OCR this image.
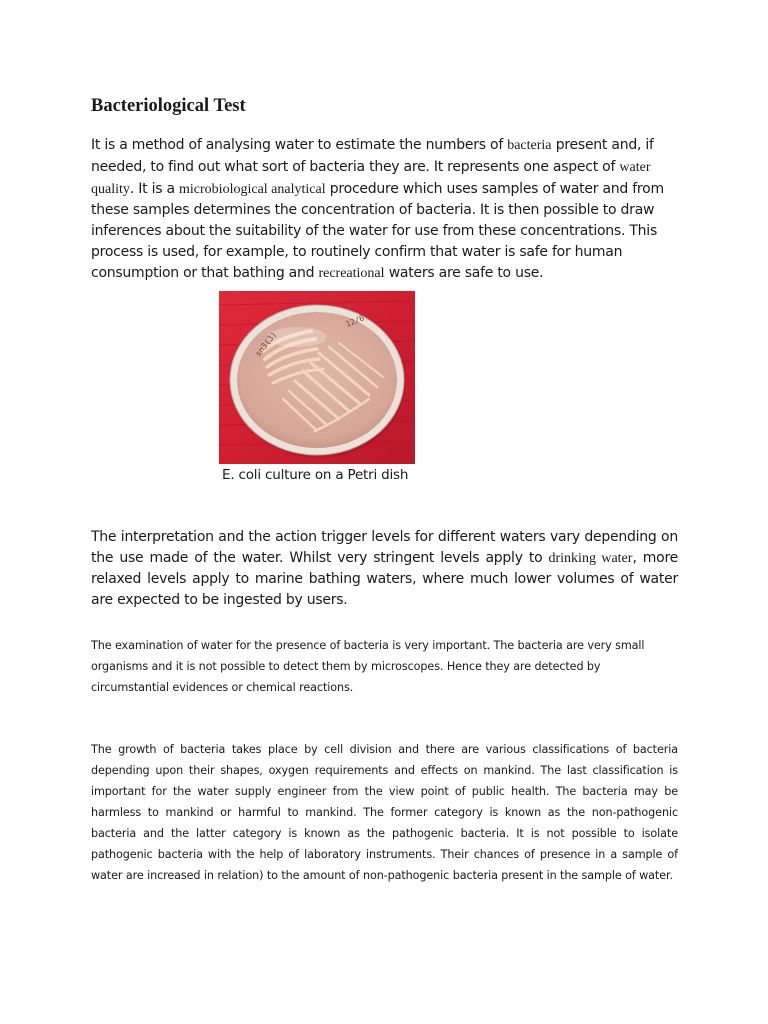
Bacteriological Test

It is a method of analysing water to estimate the numbers of bacteria present and, if needed, to find out what sort of bacteria they are. It represents one aspect of water quality. It is a microbiological analytical procedure which uses samples of water and from these samples determines the concentration of bacteria. It is then possible to draw inferences about the suitability of the water for use from these concentrations. This process is used, for example, to routinely confirm that water is safe for human consumption or that bathing and recreational waters are safe to use.

sn3(3)
12/6

E. coli culture on a Petri dish

The interpretation and the action trigger levels for different waters vary depending on the use made of the water. Whilst very stringent levels apply to drinking water, more relaxed levels apply to marine bathing waters, where much lower volumes of water are expected to be ingested by users.

The examination of water for the presence of bacteria is very important. The bacteria are very small organisms and it is not possible to detect them by microscopes. Hence they are detected by circumstantial evidences or chemical reactions.

The growth of bacteria takes place by cell division and there are various classifications of bacteria depending upon their shapes, oxygen requirements and effects on mankind. The last classification is important for the water supply engineer from the view point of public health. The bacteria may be harmless to mankind or harmful to mankind. The former category is known as the non-pathogenic bacteria and the latter category is known as the pathogenic bacteria. It is not possible to isolate pathogenic bacteria with the help of laboratory instruments. Their chances of presence in a sample of water are increased in relation) to the amount of non-pathogenic bacteria present in the sample of water.
